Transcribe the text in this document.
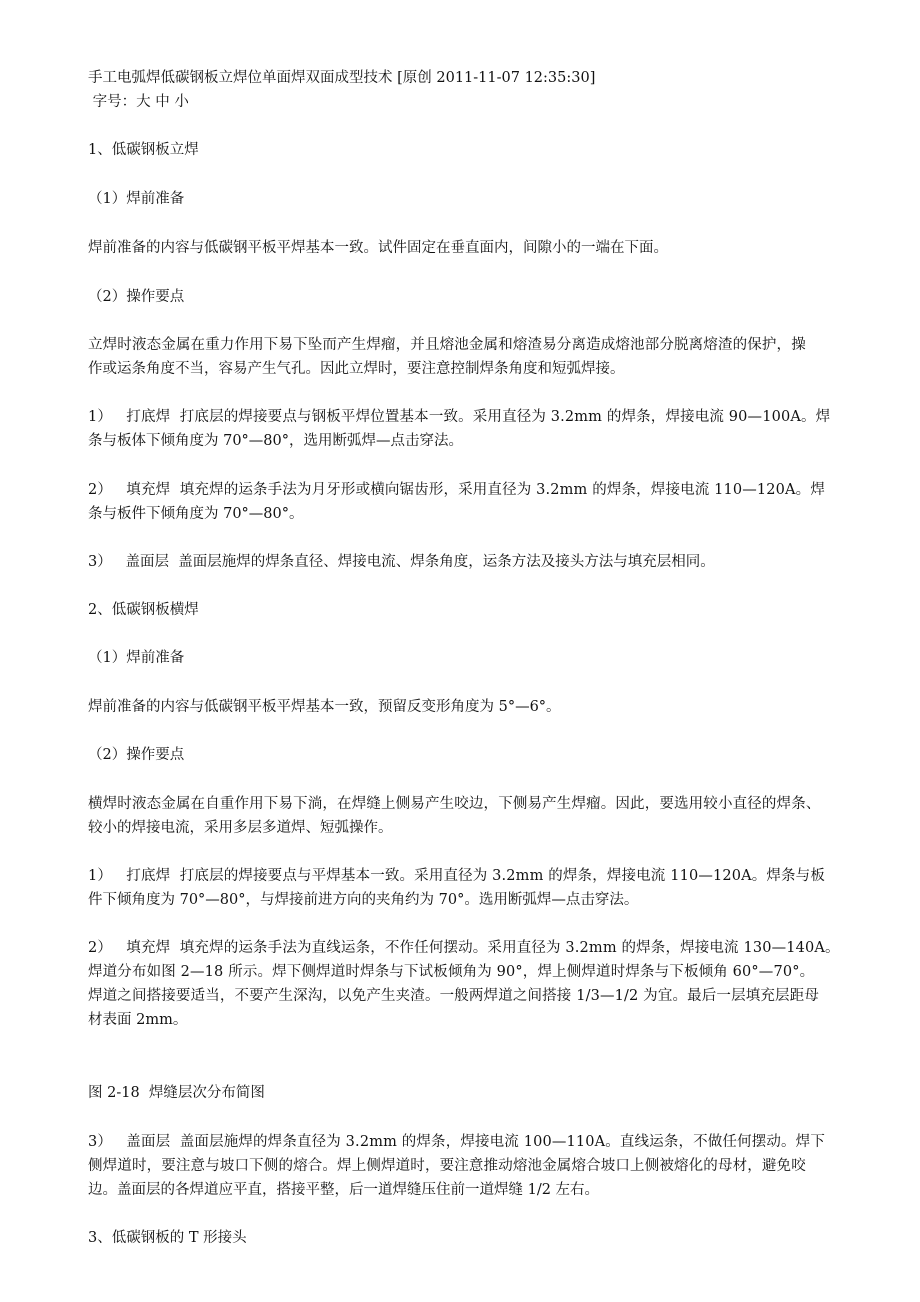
手工电弧焊低碳钢板立焊位单面焊双面成型技术 [原创 2011-11-07 12:35:30]
字号：大 中 小
1、低碳钢板立焊
（1）焊前准备
焊前准备的内容与低碳钢平板平焊基本一致。试件固定在垂直面内，间隙小的一端在下面。
（2）操作要点
立焊时液态金属在重力作用下易下坠而产生焊瘤，并且熔池金属和熔渣易分离造成熔池部分脱离熔渣的保护，操
作或运条角度不当，容易产生气孔。因此立焊时，要注意控制焊条角度和短弧焊接。
1）   打底焊  打底层的焊接要点与钢板平焊位置基本一致。采用直径为 3.2mm 的焊条，焊接电流 90—100A。焊
条与板体下倾角度为 70°—80°，选用断弧焊—点击穿法。
2）   填充焊  填充焊的运条手法为月牙形或横向锯齿形，采用直径为 3.2mm 的焊条，焊接电流 110—120A。焊
条与板件下倾角度为 70°—80°。
3）   盖面层  盖面层施焊的焊条直径、焊接电流、焊条角度，运条方法及接头方法与填充层相同。
2、低碳钢板横焊
（1）焊前准备
焊前准备的内容与低碳钢平板平焊基本一致，预留反变形角度为 5°—6°。
（2）操作要点
横焊时液态金属在自重作用下易下淌，在焊缝上侧易产生咬边，下侧易产生焊瘤。因此，要选用较小直径的焊条、
较小的焊接电流，采用多层多道焊、短弧操作。
1）   打底焊  打底层的焊接要点与平焊基本一致。采用直径为 3.2mm 的焊条，焊接电流 110—120A。焊条与板
件下倾角度为 70°—80°，与焊接前进方向的夹角约为 70°。选用断弧焊—点击穿法。
2）   填充焊  填充焊的运条手法为直线运条，不作任何摆动。采用直径为 3.2mm 的焊条，焊接电流 130—140A。
焊道分布如图 2—18 所示。焊下侧焊道时焊条与下试板倾角为 90°，焊上侧焊道时焊条与下板倾角 60°—70°。
焊道之间搭接要适当，不要产生深沟，以免产生夹渣。一般两焊道之间搭接 1/3—1/2 为宜。最后一层填充层距母
材表面 2mm。
图 2-18  焊缝层次分布简图
3）   盖面层  盖面层施焊的焊条直径为 3.2mm 的焊条，焊接电流 100—110A。直线运条，不做任何摆动。焊下
侧焊道时，要注意与坡口下侧的熔合。焊上侧焊道时，要注意推动熔池金属熔合坡口上侧被熔化的母材，避免咬
边。盖面层的各焊道应平直，搭接平整，后一道焊缝压住前一道焊缝 1/2 左右。
3、低碳钢板的 T 形接头
